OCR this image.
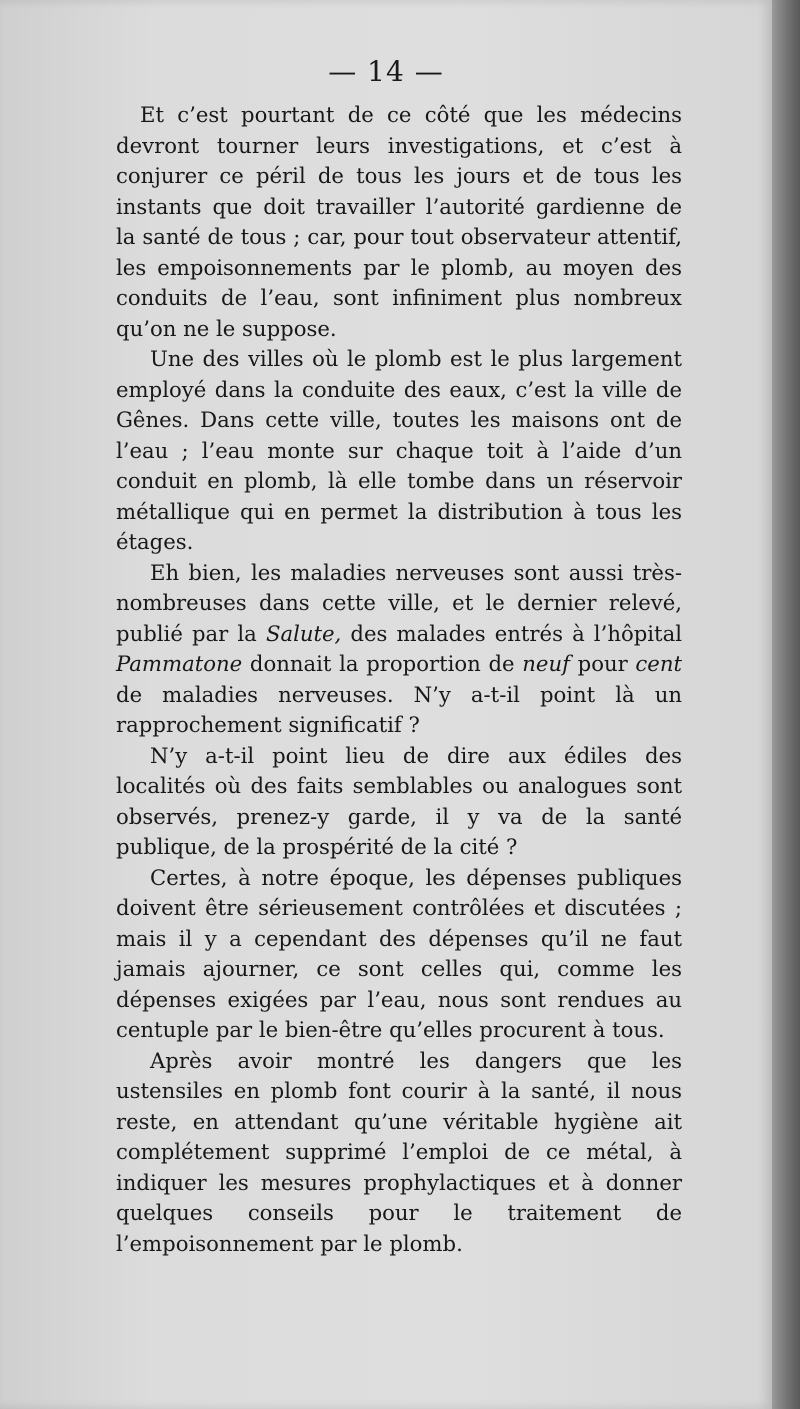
— 14 —

Et c’est pourtant de ce côté que les médecins devront tourner leurs investigations, et c’est à conjurer ce péril de tous les jours et de tous les instants que doit travailler l’autorité gardienne de la santé de tous ; car, pour tout observateur attentif, les empoisonnements par le plomb, au moyen des conduits de l’eau, sont infiniment plus nombreux qu’on ne le suppose.

Une des villes où le plomb est le plus largement employé dans la conduite des eaux, c’est la ville de Gênes. Dans cette ville, toutes les maisons ont de l’eau ; l’eau monte sur chaque toit à l’aide d’un conduit en plomb, là elle tombe dans un réservoir métallique qui en permet la distribution à tous les étages.

Eh bien, les maladies nerveuses sont aussi très-nombreuses dans cette ville, et le dernier relevé, publié par la Salute, des malades entrés à l’hôpital Pammatone donnait la proportion de neuf pour cent de maladies nerveuses. N’y a-t-il point là un rapprochement significatif ?

N’y a-t-il point lieu de dire aux édiles des localités où des faits semblables ou analogues sont observés, prenez-y garde, il y va de la santé publique, de la prospérité de la cité ?

Certes, à notre époque, les dépenses publiques doivent être sérieusement contrôlées et discutées ; mais il y a cependant des dépenses qu’il ne faut jamais ajourner, ce sont celles qui, comme les dépenses exigées par l’eau, nous sont rendues au centuple par le bien-être qu’elles procurent à tous.

Après avoir montré les dangers que les ustensiles en plomb font courir à la santé, il nous reste, en attendant qu’une véritable hygiène ait complétement supprimé l’emploi de ce métal, à indiquer les mesures prophylactiques et à donner quelques conseils pour le traitement de l’empoisonnement par le plomb.
